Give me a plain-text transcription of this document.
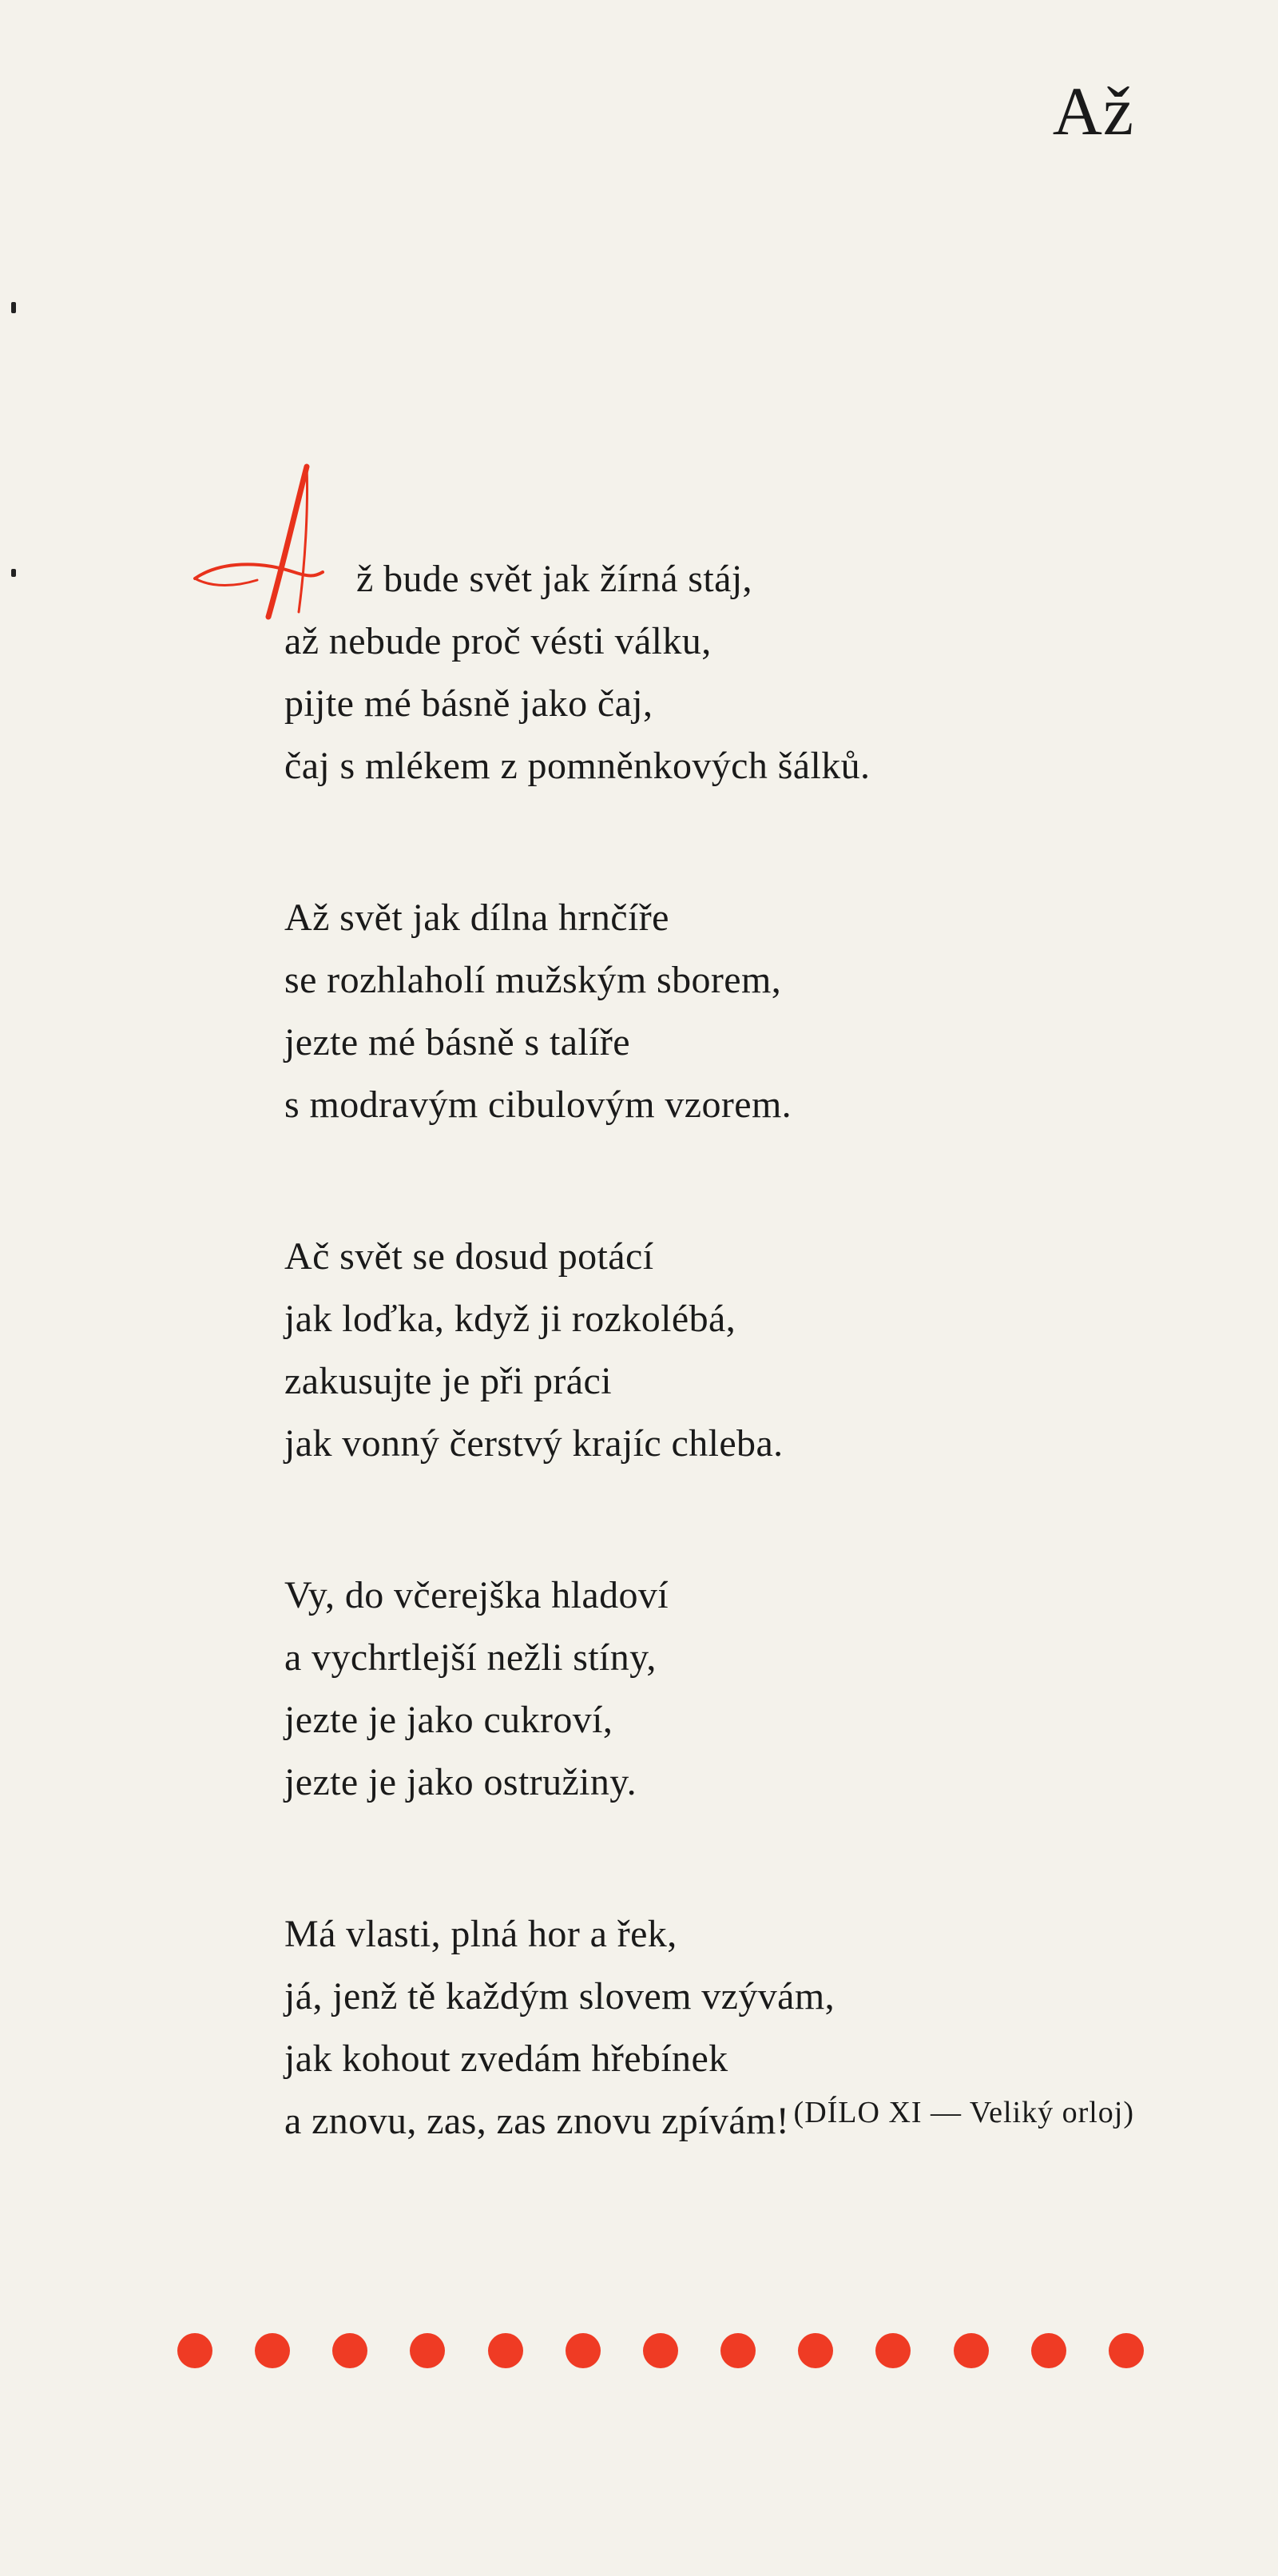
Až
ž bude svět jak žírná stáj,
až nebude proč vésti válku,
pijte mé básně jako čaj,
čaj s mlékem z pomněnkových šálků.
Až svět jak dílna hrnčíře
se rozhlaholí mužským sborem,
jezte mé básně s talíře
s modravým cibulovým vzorem.
Ač svět se dosud potácí
jak loďka, když ji rozkolébá,
zakusujte je při práci
jak vonný čerstvý krajíc chleba.
Vy, do včerejška hladoví
a vychrtlejší nežli stíny,
jezte je jako cukroví,
jezte je jako ostružiny.
Má vlasti, plná hor a řek,
já, jenž tě každým slovem vzývám,
jak kohout zvedám hřebínek
a znovu, zas, zas znovu zpívám! (DÍLO XI — Veliký orloj)
